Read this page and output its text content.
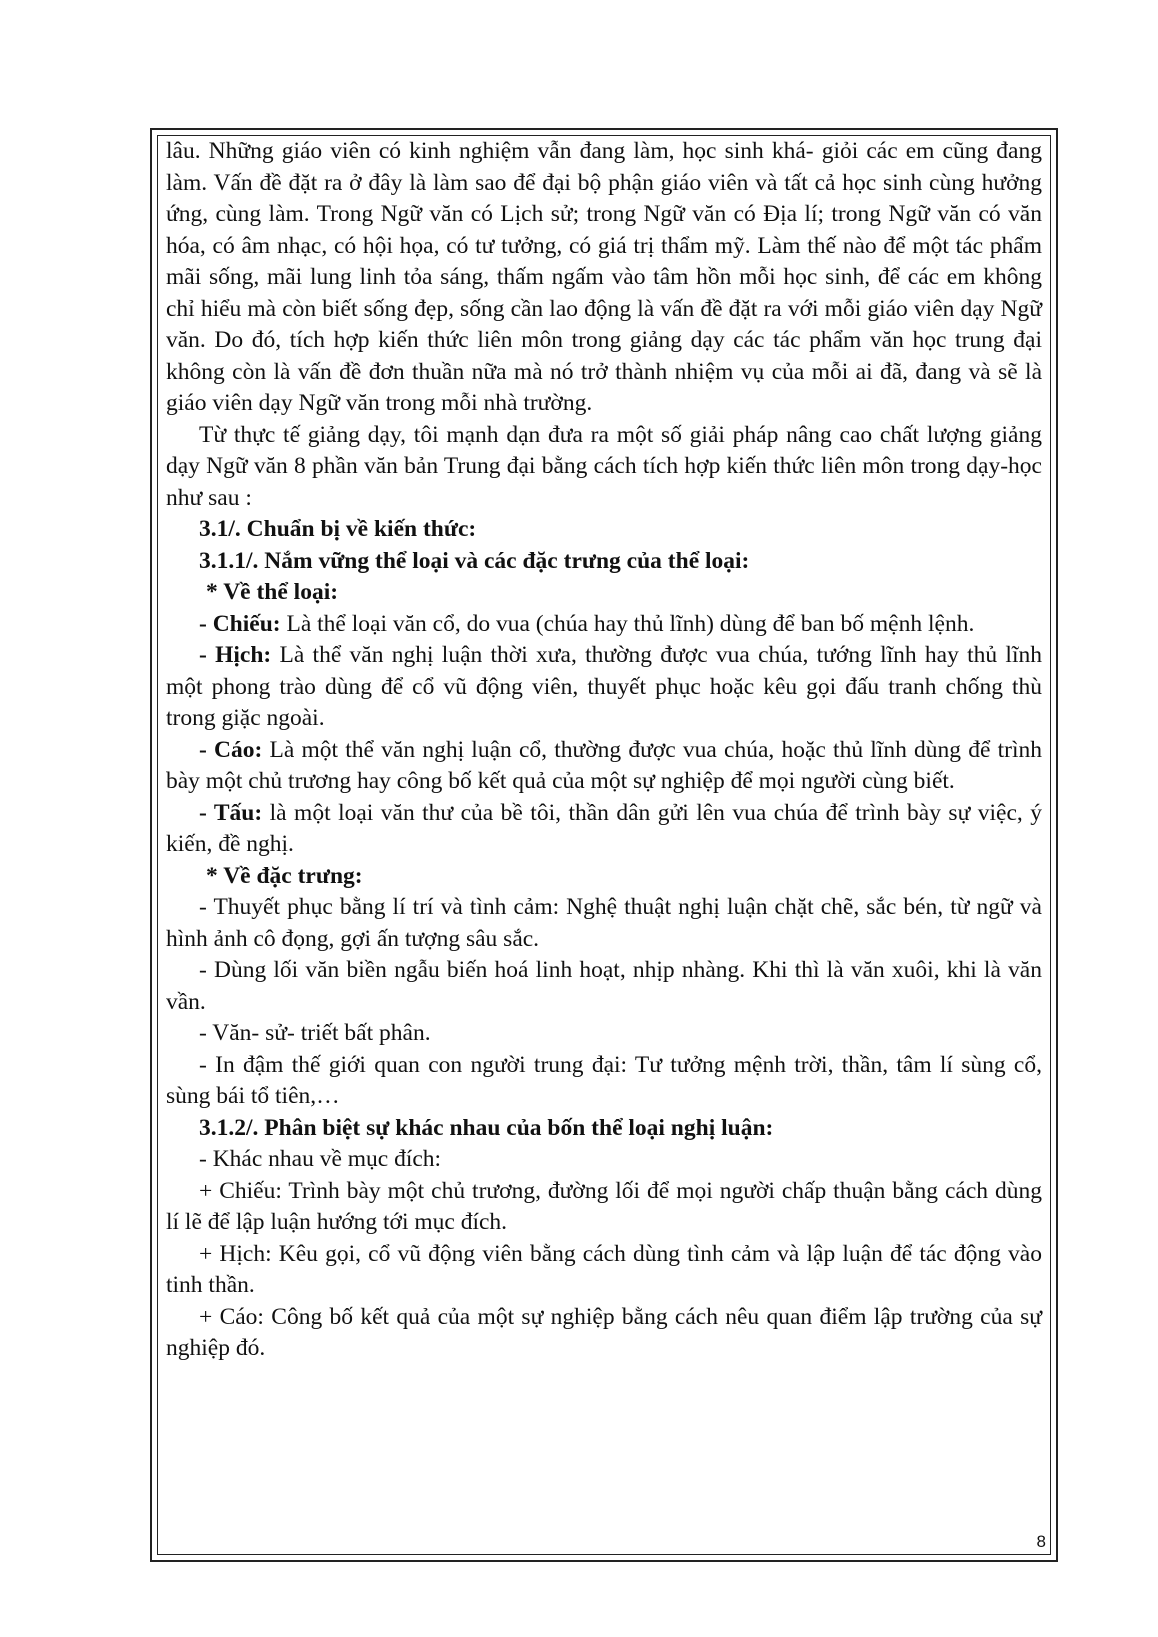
lâu. Những giáo viên có kinh nghiệm vẫn đang làm, học sinh khá- giỏi các em cũng đang làm. Vấn đề đặt ra ở đây là làm sao để đại bộ phận giáo viên và tất cả học sinh cùng hưởng ứng, cùng làm. Trong Ngữ văn có Lịch sử; trong Ngữ văn có Địa lí; trong Ngữ văn có văn hóa, có âm nhạc, có hội họa, có tư tưởng, có giá trị thẩm mỹ. Làm thế nào để một tác phẩm mãi sống, mãi lung linh tỏa sáng, thấm ngấm vào tâm hồn mỗi học sinh, để các em không chỉ hiểu mà còn biết sống đẹp, sống cần lao động là vấn đề đặt ra với mỗi giáo viên dạy Ngữ văn. Do đó, tích hợp kiến thức liên môn trong giảng dạy các tác phẩm văn học trung đại không còn là vấn đề đơn thuần nữa mà nó trở thành nhiệm vụ của mỗi ai đã, đang và sẽ là giáo viên dạy Ngữ văn trong mỗi nhà trường.

Từ thực tế giảng dạy, tôi mạnh dạn đưa ra một số giải pháp nâng cao chất lượng giảng dạy Ngữ văn 8 phần văn bản Trung đại bằng cách tích hợp kiến thức liên môn trong dạy-học như sau :

3.1/. Chuẩn bị về kiến thức:

3.1.1/. Nắm vững thể loại và các đặc trưng của thể loại:

* Về thể loại:

- Chiếu: Là thể loại văn cổ, do vua (chúa hay thủ lĩnh) dùng để ban bố mệnh lệnh.

- Hịch: Là thể văn nghị luận thời xưa, thường được vua chúa, tướng lĩnh hay thủ lĩnh một phong trào dùng để cổ vũ động viên, thuyết phục hoặc kêu gọi đấu tranh chống thù trong giặc ngoài.

- Cáo: Là một thể văn nghị luận cổ, thường được vua chúa, hoặc thủ lĩnh dùng để trình bày một chủ trương hay công bố kết quả của một sự nghiệp để mọi người cùng biết.

- Tấu: là một loại văn thư của bề tôi, thần dân gửi lên vua chúa để trình bày sự việc, ý kiến, đề nghị.

* Về đặc trưng:

- Thuyết phục bằng lí trí và tình cảm: Nghệ thuật nghị luận chặt chẽ, sắc bén, từ ngữ và hình ảnh cô đọng, gợi ấn tượng sâu sắc.

- Dùng lối văn biền ngẫu biến hoá linh hoạt, nhịp nhàng. Khi thì là văn xuôi, khi là văn vần.

- Văn- sử- triết bất phân.

- In đậm thế giới quan con người trung đại: Tư tưởng mệnh trời, thần, tâm lí sùng cổ, sùng bái tổ tiên,…

3.1.2/. Phân biệt sự khác nhau của bốn thể loại nghị luận:

- Khác nhau về mục đích:

+ Chiếu: Trình bày một chủ trương, đường lối để mọi người chấp thuận bằng cách dùng lí lẽ để lập luận hướng tới mục đích.

+ Hịch: Kêu gọi, cổ vũ động viên bằng cách dùng tình cảm và lập luận để tác động vào tinh thần.

+ Cáo: Công bố kết quả của một sự nghiệp bằng cách nêu quan điểm lập trường của sự nghiệp đó.

8
